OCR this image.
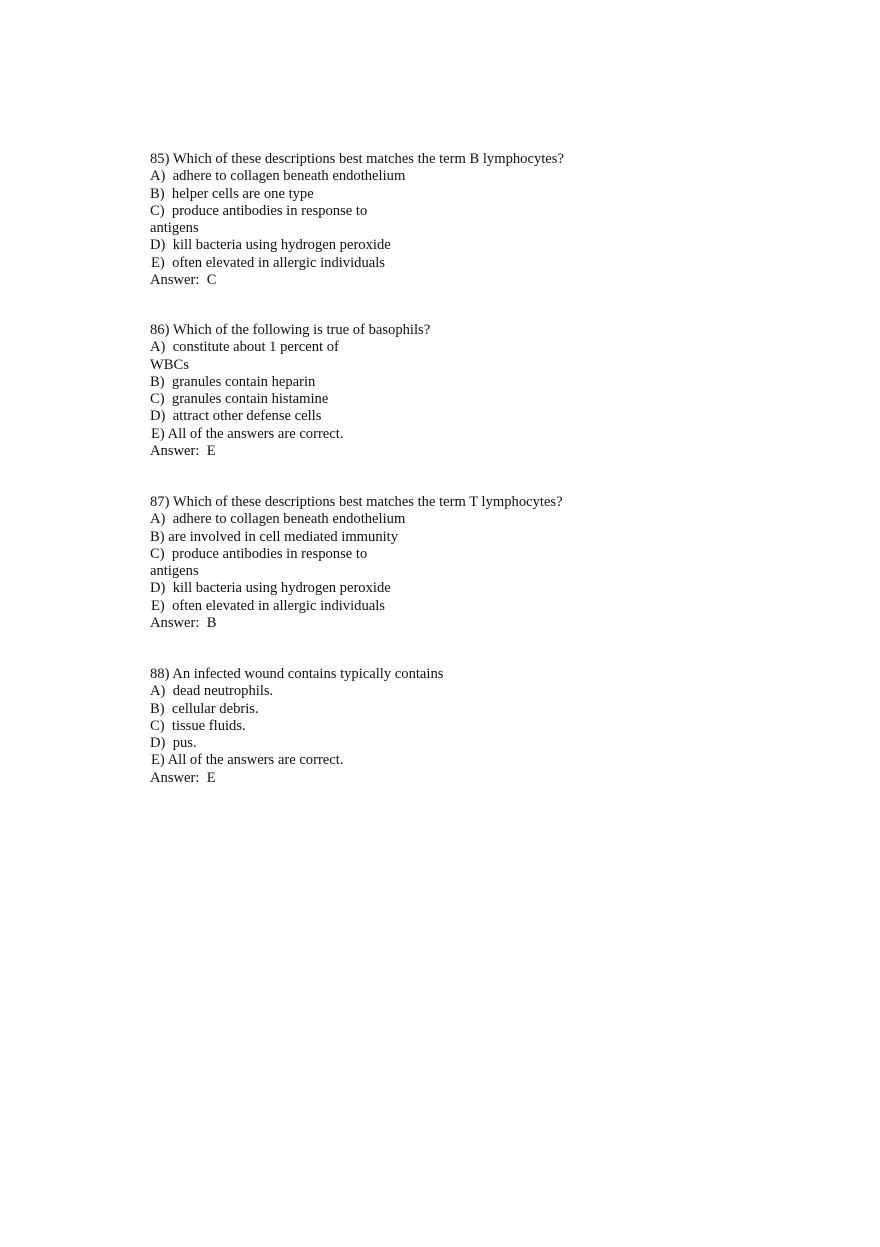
85) Which of these descriptions best matches the term B lymphocytes?
A)  adhere to collagen beneath endothelium
B)  helper cells are one type
C)  produce antibodies in response to
antigens
D)  kill bacteria using hydrogen peroxide
E)  often elevated in allergic individuals
Answer:  C
86) Which of the following is true of basophils?
A)  constitute about 1 percent of
WBCs
B)  granules contain heparin
C)  granules contain histamine
D)  attract other defense cells
E) All of the answers are correct.
Answer:  E
87) Which of these descriptions best matches the term T lymphocytes?
A)  adhere to collagen beneath endothelium
B) are involved in cell mediated immunity
C)  produce antibodies in response to
antigens
D)  kill bacteria using hydrogen peroxide
E)  often elevated in allergic individuals
Answer:  B
88) An infected wound contains typically contains
A)  dead neutrophils.
B)  cellular debris.
C)  tissue fluids.
D)  pus.
E) All of the answers are correct.
Answer:  E
